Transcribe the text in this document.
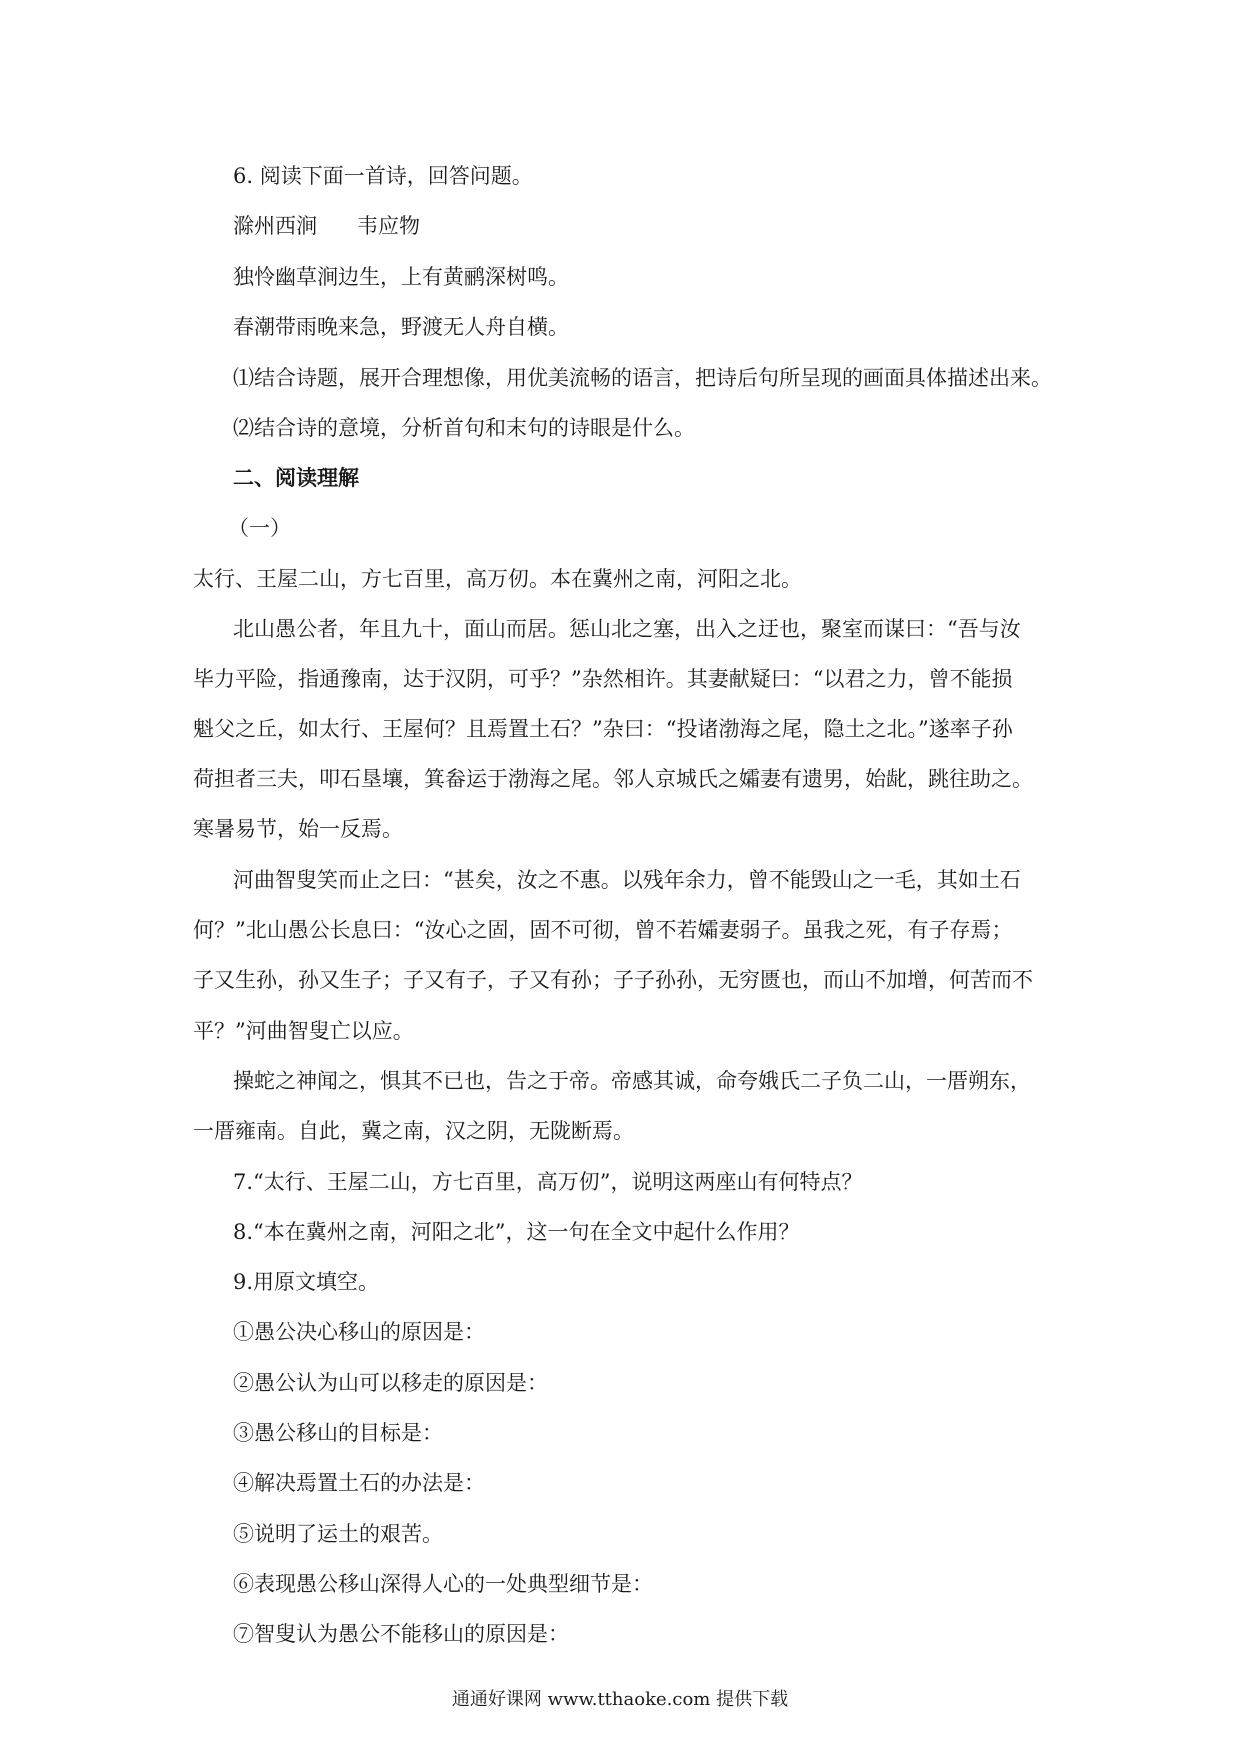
6. 阅读下面一首诗，回答问题。
滁州西涧 韦应物
独怜幽草涧边生，上有黄鹂深树鸣。
春潮带雨晚来急，野渡无人舟自横。
⑴结合诗题，展开合理想像，用优美流畅的语言，把诗后句所呈现的画面具体描述出来。
⑵结合诗的意境，分析首句和末句的诗眼是什么。
二、阅读理解
（一）
太行、王屋二山，方七百里，高万仞。本在冀州之南，河阳之北。
北山愚公者，年且九十，面山而居。惩山北之塞，出入之迂也，聚室而谋曰：“吾与汝
毕力平险，指通豫南，达于汉阴，可乎？”杂然相许。其妻献疑曰：“以君之力，曾不能损
魁父之丘，如太行、王屋何？且焉置土石？”杂曰：“投诸渤海之尾，隐土之北。”遂率子孙
荷担者三夫，叩石垦壤，箕畚运于渤海之尾。邻人京城氏之孀妻有遗男，始龀，跳往助之。
寒暑易节，始一反焉。
河曲智叟笑而止之曰：“甚矣，汝之不惠。以残年余力，曾不能毁山之一毛，其如土石
何？”北山愚公长息曰：“汝心之固，固不可彻，曾不若孀妻弱子。虽我之死，有子存焉；
子又生孙，孙又生子；子又有子，子又有孙；子子孙孙，无穷匮也，而山不加增，何苦而不
平？”河曲智叟亡以应。
操蛇之神闻之，惧其不已也，告之于帝。帝感其诚，命夸娥氏二子负二山，一厝朔东，
一厝雍南。自此，冀之南，汉之阴，无陇断焉。
7.“太行、王屋二山，方七百里，高万仞”，说明这两座山有何特点？
8.“本在冀州之南，河阳之北”，这一句在全文中起什么作用？
9.用原文填空。
①愚公决心移山的原因是：
②愚公认为山可以移走的原因是：
③愚公移山的目标是：
④解决焉置土石的办法是：
⑤说明了运土的艰苦。
⑥表现愚公移山深得人心的一处典型细节是：
⑦智叟认为愚公不能移山的原因是：
通通好课网 www.tthaoke.com 提供下载
